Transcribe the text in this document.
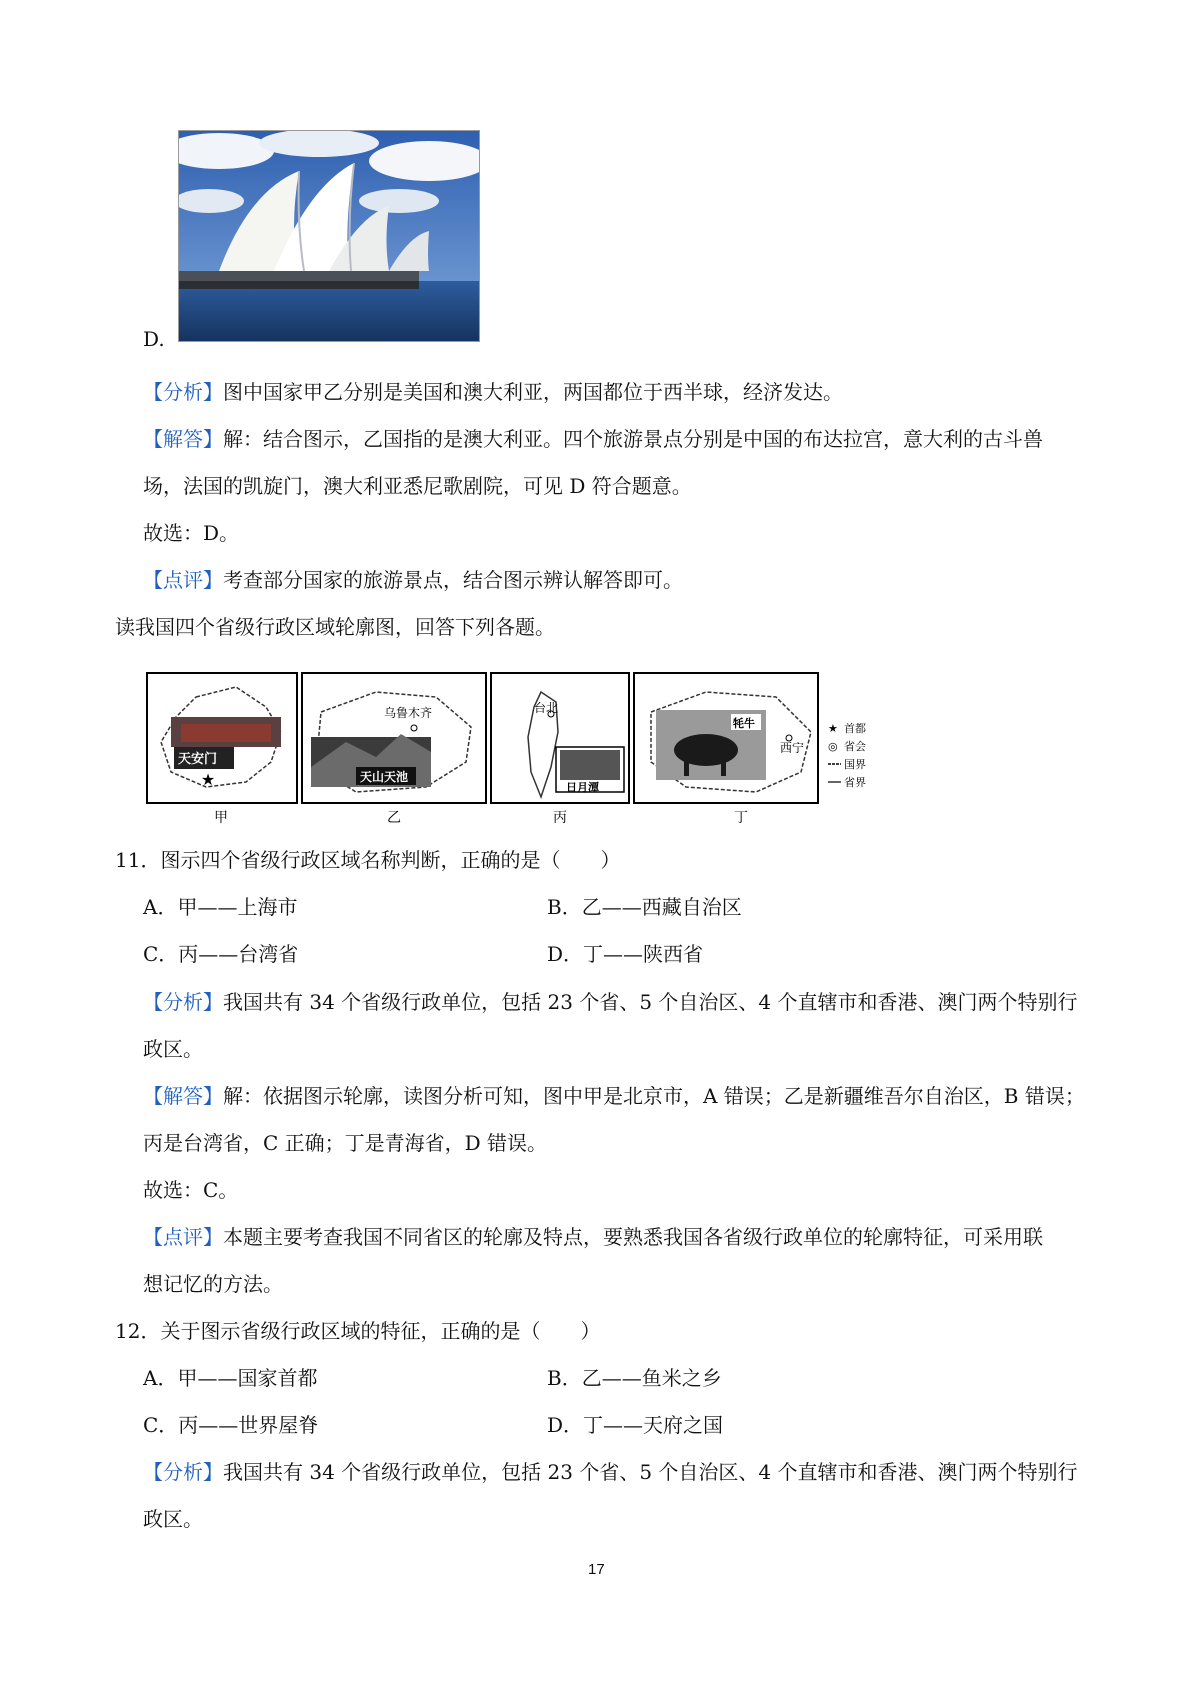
D.
【分析】图中国家甲乙分别是美国和澳大利亚，两国都位于西半球，经济发达。
【解答】解：结合图示，乙国指的是澳大利亚。四个旅游景点分别是中国的布达拉宫，意大利的古斗兽
场，法国的凯旋门，澳大利亚悉尼歌剧院，可见 D 符合题意。
故选：D。
【点评】考查部分国家的旅游景点，结合图示辨认解答即可。
读我国四个省级行政区域轮廓图，回答下列各题。
天安门
★
甲
乌鲁木齐
天山天池
乙
台北
日月潭
丙
牦牛
西宁
丁
★ 首都
◎ 省会
国界
省界
11．图示四个省级行政区域名称判断，正确的是（　　）
A．甲——上海市	B．乙——西藏自治区
C．丙——台湾省	D．丁——陕西省
【分析】我国共有 34 个省级行政单位，包括 23 个省、5 个自治区、4 个直辖市和香港、澳门两个特别行
政区。
【解答】解：依据图示轮廓，读图分析可知，图中甲是北京市，A 错误；乙是新疆维吾尔自治区，B 错误；
丙是台湾省，C 正确；丁是青海省，D 错误。
故选：C。
【点评】本题主要考查我国不同省区的轮廓及特点，要熟悉我国各省级行政单位的轮廓特征，可采用联
想记忆的方法。
12．关于图示省级行政区域的特征，正确的是（　　）
A．甲——国家首都	B．乙——鱼米之乡
C．丙——世界屋脊	D．丁——天府之国
【分析】我国共有 34 个省级行政单位，包括 23 个省、5 个自治区、4 个直辖市和香港、澳门两个特别行
政区。
17
